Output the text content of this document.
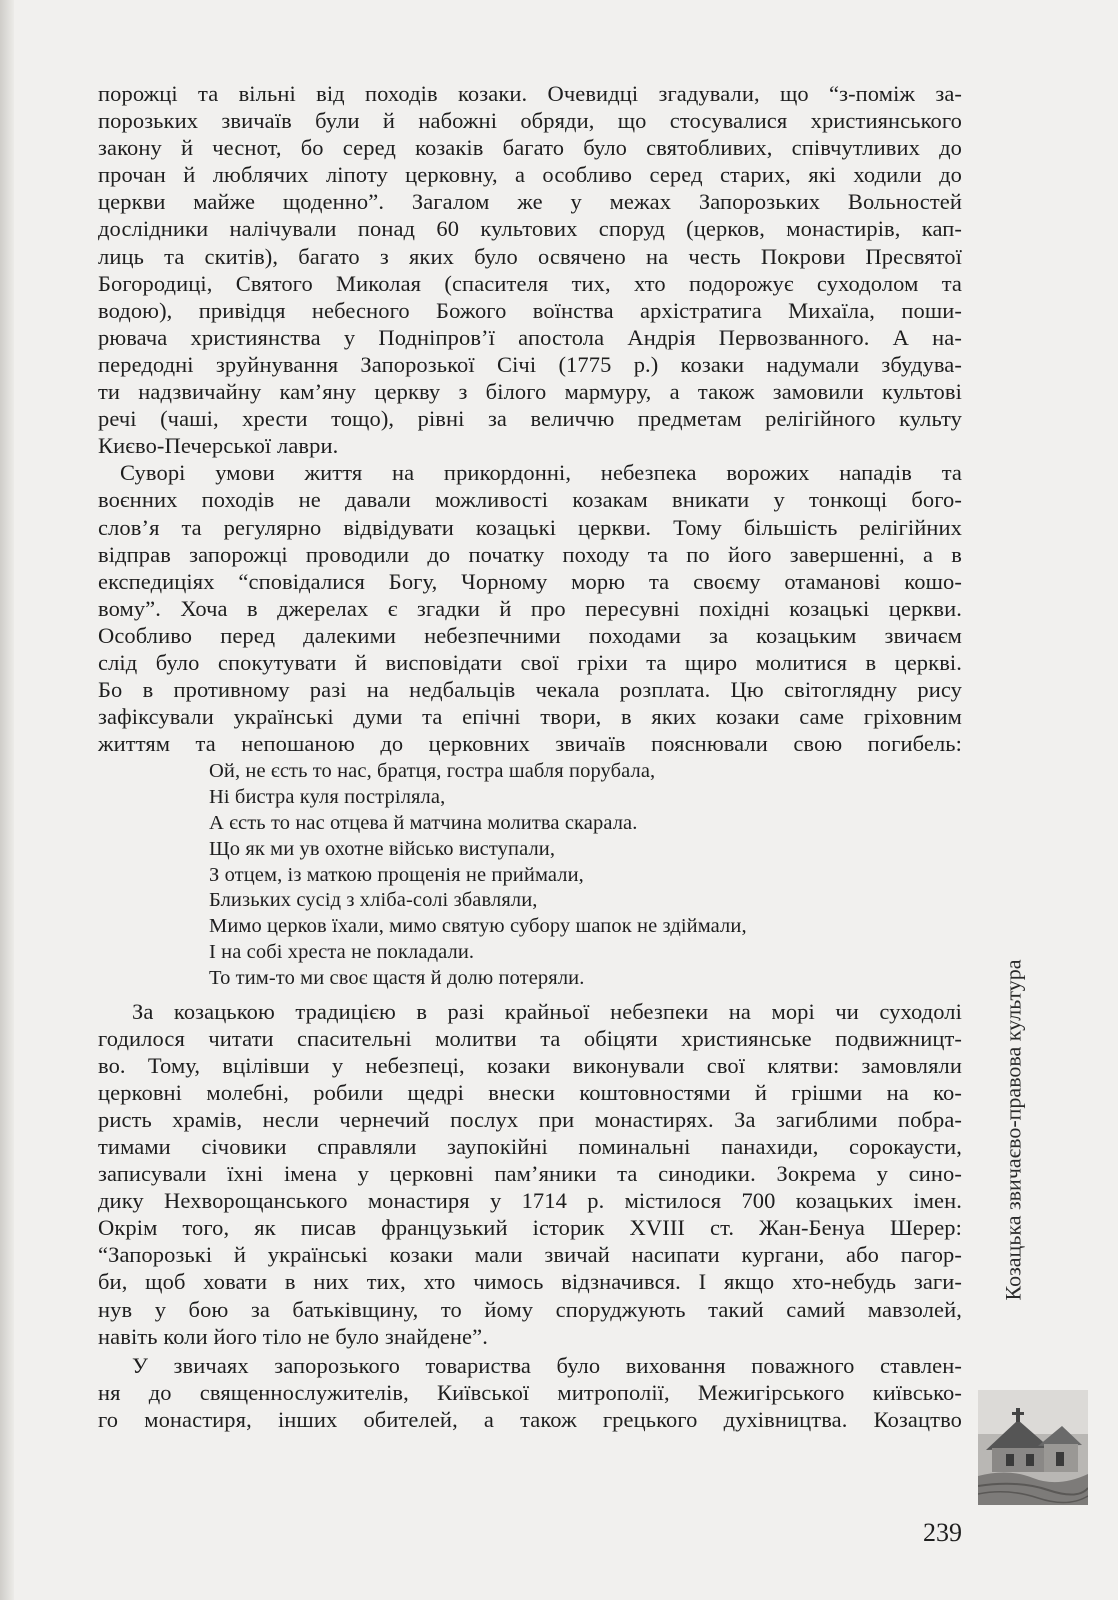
порожці та вільні від походів козаки. Очевидці згадували, що “з-поміж за-
порозьких звичаїв були й набожні обряди, що стосувалися християнського
закону й чеснот, бо серед козаків багато було святобливих, співчутливих до
прочан й люблячих ліпоту церковну, а особливо серед старих, які ходили до
церкви майже щоденно”. Загалом же у межах Запорозьких Вольностей
дослідники налічували понад 60 культових споруд (церков, монастирів, кап-
лиць та скитів), багато з яких було освячено на честь Покрови Пресвятої
Богородиці, Святого Миколая (спасителя тих, хто подорожує суходолом та
водою), привідця небесного Божого воїнства архістратига Михаїла, поши-
рювача християнства у Подніпров’ї апостола Андрія Первозванного. А на-
передодні зруйнування Запорозької Січі (1775 р.) козаки надумали збудува-
ти надзвичайну кам’яну церкву з білого мармуру, а також замовили культові
речі (чаші, хрести тощо), рівні за величчю предметам релігійного культу
Києво-Печерської лаври.

Суворі умови життя на прикордонні, небезпека ворожих нападів та
воєнних походів не давали можливості козакам вникати у тонкощі бого-
слов’я та регулярно відвідувати козацькі церкви. Тому більшість релігійних
відправ запорожці проводили до початку походу та по його завершенні, а в
експедиціях “сповідалися Богу, Чорному морю та своєму отаманові кошо-
вому”. Хоча в джерелах є згадки й про пересувні похідні козацькі церкви.
Особливо перед далекими небезпечними походами за козацьким звичаєм
слід було спокутувати й висповідати свої гріхи та щиро молитися в церкві.
Бо в противному разі на недбальців чекала розплата. Цю світоглядну рису
зафіксували українські думи та епічні твори, в яких козаки саме гріховним
життям та непошаною до церковних звичаїв пояснювали свою погибель:

Ой, не єсть то нас, братця, гостра шабля порубала,
Ні бистра куля постріляла,
А єсть то нас отцева й матчина молитва скарала.
Що як ми ув охотне військо виступали,
З отцем, із маткою прощенія не приймали,
Близьких сусід з хліба-солі збавляли,
Мимо церков їхали, мимо святую субору шапок не здіймали,
І на собі хреста не покладали.
То тим-то ми своє щастя й долю потеряли.

За козацькою традицією в разі крайньої небезпеки на морі чи суходолі
годилося читати спасительні молитви та обіцяти християнське подвижницт-
во. Тому, вцілівши у небезпеці, козаки виконували свої клятви: замовляли
церковні молебні, робили щедрі внески коштовностями й грішми на ко-
ристь храмів, несли чернечий послух при монастирях. За загиблими побра-
тимами січовики справляли заупокійні поминальні панахиди, сорокаусти,
записували їхні імена у церковні пам’яники та синодики. Зокрема у сино-
дику Нехворощанського монастиря у 1714 р. містилося 700 козацьких імен.
Окрім того, як писав французький історик XVIII ст. Жан-Бенуа Шерер:
“Запорозькі й українські козаки мали звичай насипати кургани, або пагор-
би, щоб ховати в них тих, хто чимось відзначився. І якщо хто-небудь заги-
нув у бою за батьківщину, то йому споруджують такий самий мавзолей,
навіть коли його тіло не було знайдене”.

У звичаях запорозького товариства було виховання поважного ставлен-
ня до священнослужителів, Київської митрополії, Межигірського київсько-
го монастиря, інших обителей, а також грецького духівництва. Козацтво

Козацька звичаєво-правова культура
239
